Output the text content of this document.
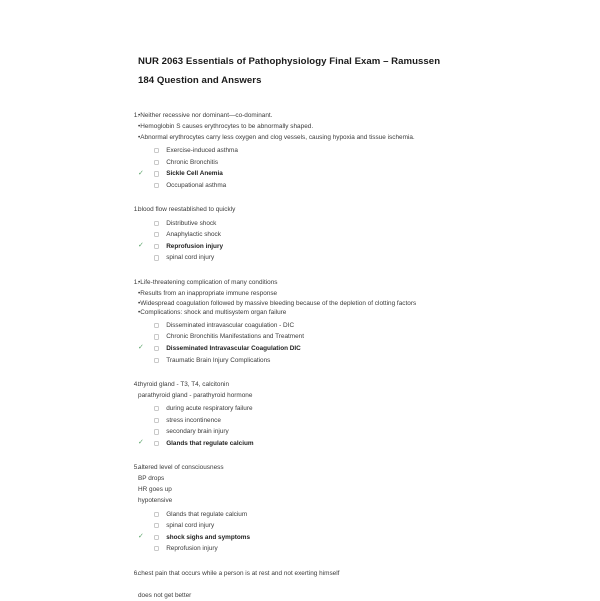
NUR 2063 Essentials of Pathophysiology Final Exam – Ramussen
184 Question and Answers
1. •Neither recessive nor dominant—co-dominant.
•Hemoglobin S causes erythrocytes to be abnormally shaped.
•Abnormal erythrocytes carry less oxygen and clog vessels, causing hypoxia and tissue ischemia.
Exercise-induced asthma
Chronic Bronchitis
✓	Sickle Cell Anemia
Occupational asthma
1. blood flow reestablished to quickly
Distributive shock
Anaphylactic shock
✓	Reprofusion injury
spinal cord injury
1. •Life-threatening complication of many conditions
•Results from an inappropriate immune response
•Widespread coagulation followed by massive bleeding because of the depletion of clotting factors
•Complications: shock and multisystem organ failure
Disseminated intravascular coagulation - DIC
Chronic Bronchitis Manifestations and Treatment
✓	Disseminated Intravascular Coagulation DIC
Traumatic Brain Injury Complications
4. thyroid gland - T3, T4, calcitonin
parathyroid gland - parathyroid hormone
during acute respiratory failure
stress incontinence
secondary brain injury
✓	Glands that regulate calcium
5. altered level of consciousness
BP drops
HR goes up
hypotensive
Glands that regulate calcium
spinal cord injury
✓	shock sighs and symptoms
Reprofusion injury
6. chest pain that occurs while a person is at rest and not exerting himself
does not get better
